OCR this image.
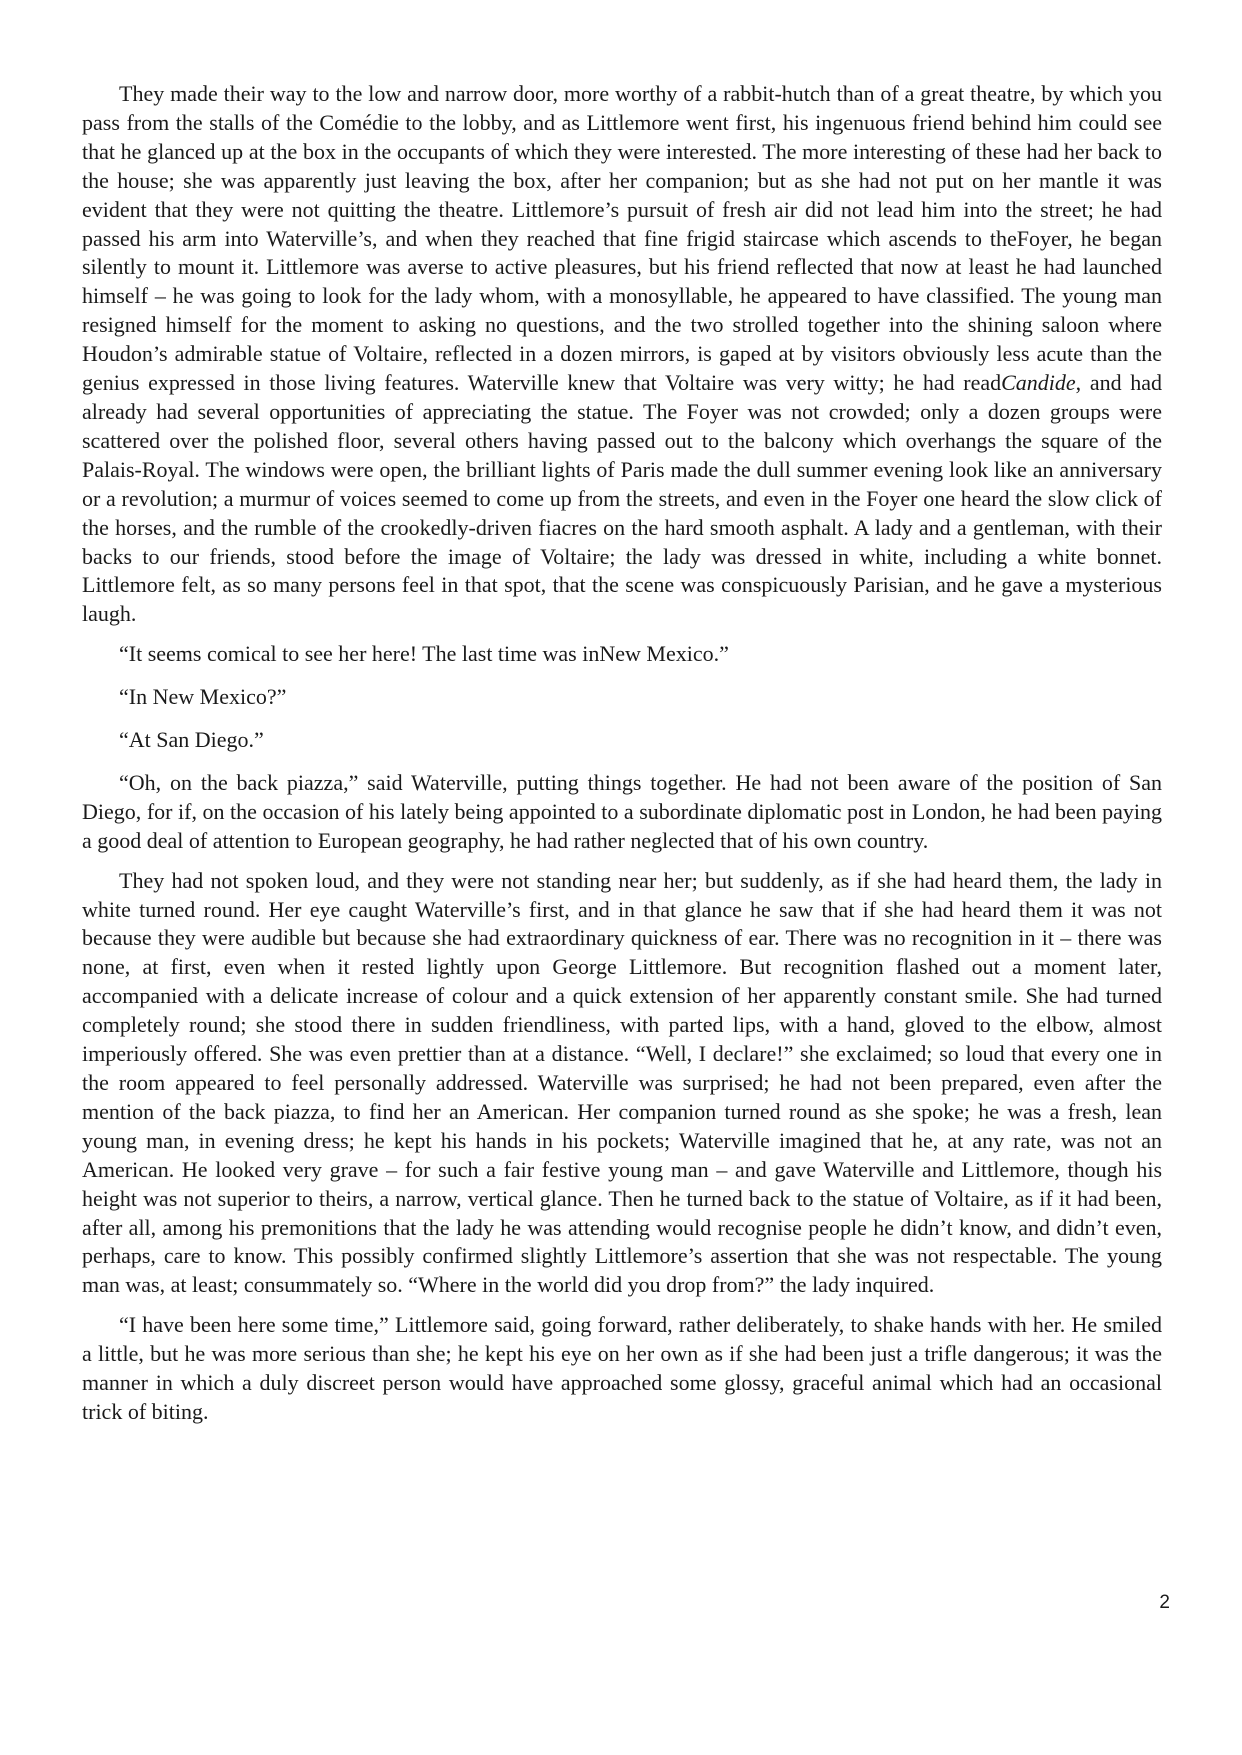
They made their way to the low and narrow door, more worthy of a rabbit-hutch than of a great theatre, by which you pass from the stalls of the Comédie to the lobby, and as Littlemore went first, his ingenuous friend behind him could see that he glanced up at the box in the occupants of which they were interested. The more interesting of these had her back to the house; she was apparently just leaving the box, after her companion; but as she had not put on her mantle it was evident that they were not quitting the theatre. Littlemore’s pursuit of fresh air did not lead him into the street; he had passed his arm into Waterville’s, and when they reached that fine frigid staircase which ascends to theFoyer, he began silently to mount it. Littlemore was averse to active pleasures, but his friend reflected that now at least he had launched himself – he was going to look for the lady whom, with a monosyllable, he appeared to have classified. The young man resigned himself for the moment to asking no questions, and the two strolled together into the shining saloon where Houdon’s admirable statue of Voltaire, reflected in a dozen mirrors, is gaped at by visitors obviously less acute than the genius expressed in those living features. Waterville knew that Voltaire was very witty; he had readCandide, and had already had several opportunities of appreciating the statue. The Foyer was not crowded; only a dozen groups were scattered over the polished floor, several others having passed out to the balcony which overhangs the square of the Palais-Royal. The windows were open, the brilliant lights of Paris made the dull summer evening look like an anniversary or a revolution; a murmur of voices seemed to come up from the streets, and even in the Foyer one heard the slow click of the horses, and the rumble of the crookedly-driven fiacres on the hard smooth asphalt. A lady and a gentleman, with their backs to our friends, stood before the image of Voltaire; the lady was dressed in white, including a white bonnet. Littlemore felt, as so many persons feel in that spot, that the scene was conspicuously Parisian, and he gave a mysterious laugh.

“It seems comical to see her here! The last time was inNew Mexico.”

“In New Mexico?”

“At San Diego.”

“Oh, on the back piazza,” said Waterville, putting things together. He had not been aware of the position of San Diego, for if, on the occasion of his lately being appointed to a subordinate diplomatic post in London, he had been paying a good deal of attention to European geography, he had rather neglected that of his own country.

They had not spoken loud, and they were not standing near her; but suddenly, as if she had heard them, the lady in white turned round. Her eye caught Waterville’s first, and in that glance he saw that if she had heard them it was not because they were audible but because she had extraordinary quickness of ear. There was no recognition in it – there was none, at first, even when it rested lightly upon George Littlemore. But recognition flashed out a moment later, accompanied with a delicate increase of colour and a quick extension of her apparently constant smile. She had turned completely round; she stood there in sudden friendliness, with parted lips, with a hand, gloved to the elbow, almost imperiously offered. She was even prettier than at a distance. “Well, I declare!” she exclaimed; so loud that every one in the room appeared to feel personally addressed. Waterville was surprised; he had not been prepared, even after the mention of the back piazza, to find her an American. Her companion turned round as she spoke; he was a fresh, lean young man, in evening dress; he kept his hands in his pockets; Waterville imagined that he, at any rate, was not an American. He looked very grave – for such a fair festive young man – and gave Waterville and Littlemore, though his height was not superior to theirs, a narrow, vertical glance. Then he turned back to the statue of Voltaire, as if it had been, after all, among his premonitions that the lady he was attending would recognise people he didn’t know, and didn’t even, perhaps, care to know. This possibly confirmed slightly Littlemore’s assertion that she was not respectable. The young man was, at least; consummately so. “Where in the world did you drop from?” the lady inquired.

“I have been here some time,” Littlemore said, going forward, rather deliberately, to shake hands with her. He smiled a little, but he was more serious than she; he kept his eye on her own as if she had been just a trifle dangerous; it was the manner in which a duly discreet person would have approached some glossy, graceful animal which had an occasional trick of biting.

2
